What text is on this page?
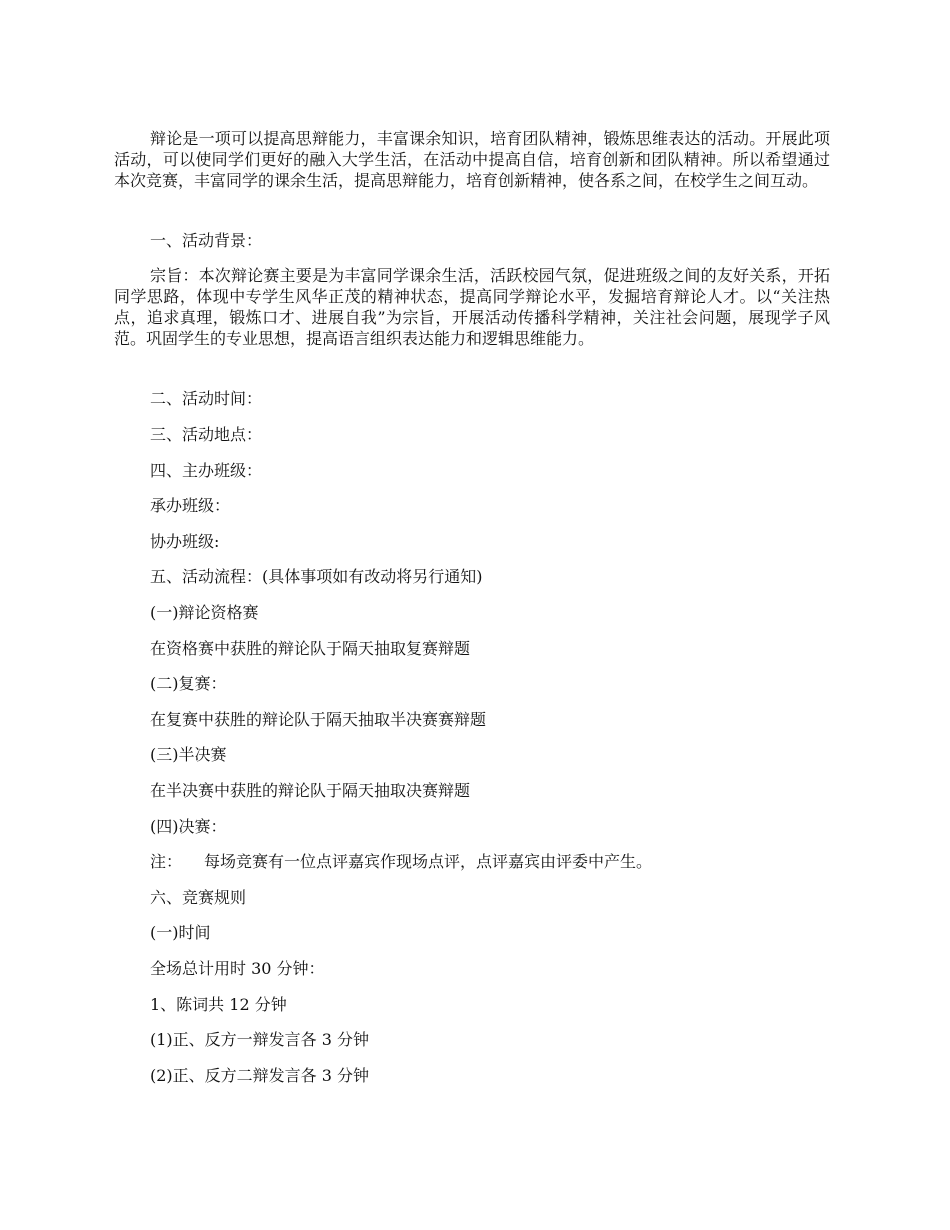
辩论是一项可以提高思辩能力，丰富课余知识，培育团队精神，锻炼思维表达的活动。开展此项活动，可以使同学们更好的融入大学生活，在活动中提高自信，培育创新和团队精神。所以希望通过本次竞赛，丰富同学的课余生活，提高思辩能力，培育创新精神，使各系之间，在校学生之间互动。

一、活动背景：

宗旨：本次辩论赛主要是为丰富同学课余生活，活跃校园气氛，促进班级之间的友好关系，开拓同学思路，体现中专学生风华正茂的精神状态，提高同学辩论水平，发掘培育辩论人才。以“关注热点，追求真理，锻炼口才、进展自我”为宗旨，开展活动传播科学精神，关注社会问题，展现学子风范。巩固学生的专业思想，提高语言组织表达能力和逻辑思维能力。

二、活动时间：

三、活动地点：

四、主办班级：

承办班级：

协办班级:

五、活动流程：(具体事项如有改动将另行通知)

(一)辩论资格赛

在资格赛中获胜的辩论队于隔天抽取复赛辩题

(二)复赛：

在复赛中获胜的辩论队于隔天抽取半决赛赛辩题

(三)半决赛

在半决赛中获胜的辩论队于隔天抽取决赛辩题

(四)决赛：

注： 每场竞赛有一位点评嘉宾作现场点评，点评嘉宾由评委中产生。

六、竞赛规则

(一)时间

全场总计用时 30 分钟：

1、陈词共 12 分钟

(1)正、反方一辩发言各 3 分钟

(2)正、反方二辩发言各 3 分钟
